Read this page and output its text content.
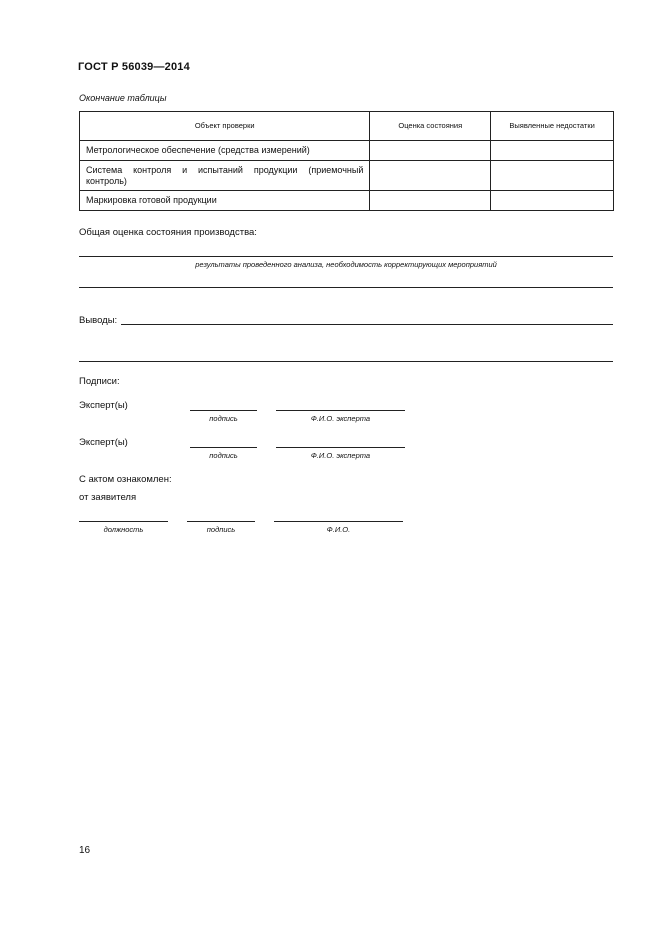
ГОСТ Р 56039—2014
Окончание таблицы
Объект проверки	Оценка состояния	Выявленные недостатки
Метрологическое обеспечение (средства измерений)		
Система контроля и испытаний продукции (приемочный контроль)		
Маркировка готовой продукции		
Общая оценка состояния производства:
результаты проведенного анализа, необходимость корректирующих мероприятий
Выводы:
Подписи:
Эксперт(ы)
подпись	Ф.И.О. эксперта
Эксперт(ы)
подпись	Ф.И.О. эксперта
С актом ознакомлен:
от заявителя
должность	подпись	Ф.И.О.
16
